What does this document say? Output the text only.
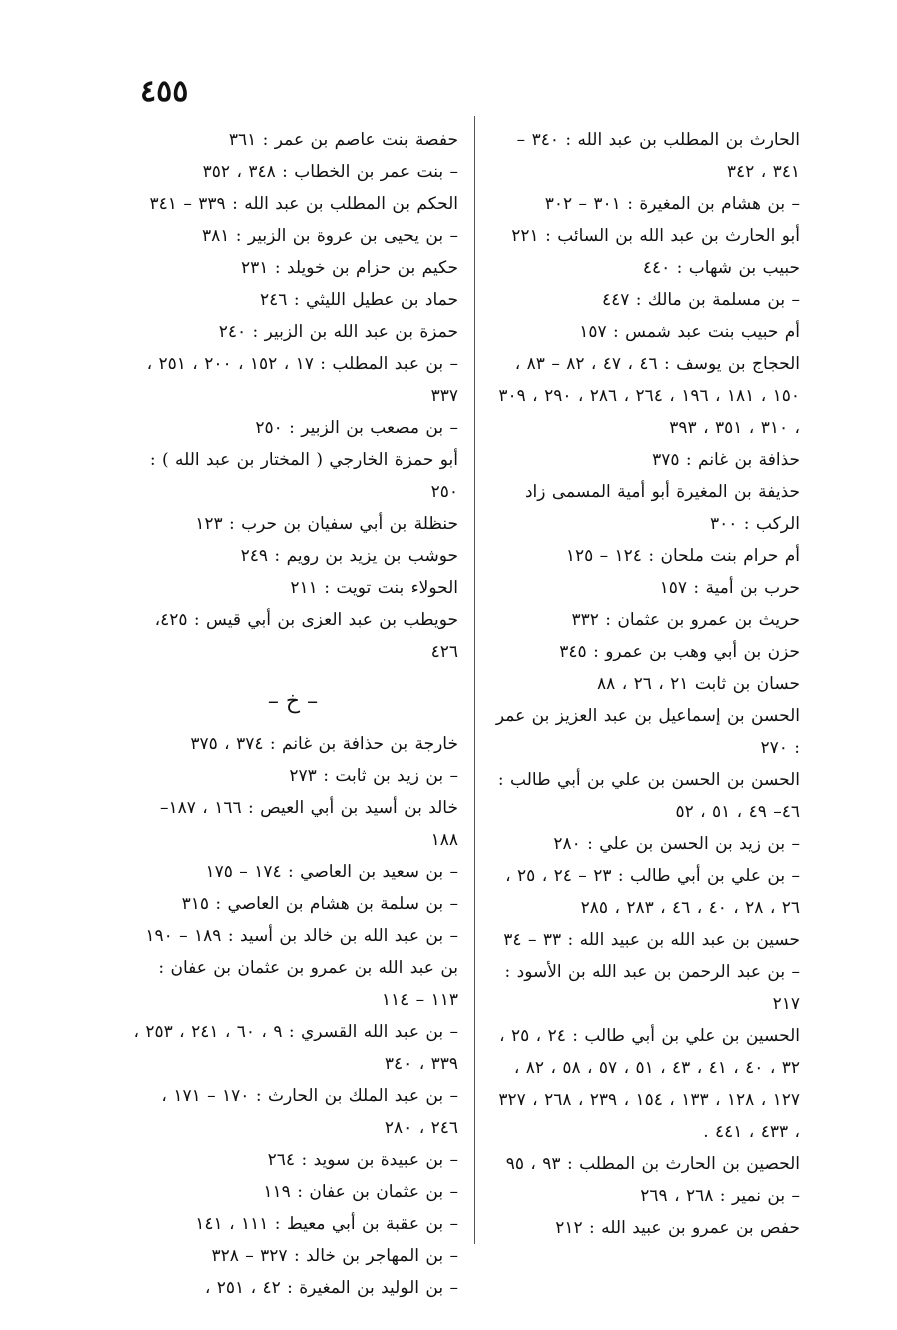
٤٥٥
الحارث بن المطلب بن عبد الله : ٣٤٠ – ٣٤١ ، ٣٤٢
– بن هشام بن المغيرة : ٣٠١ – ٣٠٢
أبو الحارث بن عبد الله بن السائب : ٢٢١
حبيب بن شهاب : ٤٤٠
– بن مسلمة بن مالك : ٤٤٧
أم حبيب بنت عبد شمس : ١٥٧
الحجاج بن يوسف : ٤٦ ، ٤٧ ، ٨٢ – ٨٣ ، ١٥٠ ، ١٨١ ، ١٩٦ ، ٢٦٤ ، ٢٨٦ ، ٢٩٠ ، ٣٠٩ ، ٣١٠ ، ٣٥١ ، ٣٩٣
حذافة بن غانم : ٣٧٥
حذيفة بن المغيرة أبو أمية المسمى زاد الركب : ٣٠٠
أم حرام بنت ملحان : ١٢٤ – ١٢٥
حرب بن أمية : ١٥٧
حريث بن عمرو بن عثمان : ٣٣٢
حزن بن أبي وهب بن عمرو : ٣٤٥
حسان بن ثابت ٢١ ، ٢٦ ، ٨٨
الحسن بن إسماعيل بن عبد العزيز بن عمر : ٢٧٠
الحسن بن الحسن بن علي بن أبي طالب : ٤٦– ٤٩ ، ٥١ ، ٥٢
– بن زيد بن الحسن بن علي : ٢٨٠
– بن علي بن أبي طالب : ٢٣ – ٢٤ ، ٢٥ ، ٢٦ ، ٢٨ ، ٤٠ ، ٤٦ ، ٢٨٣ ، ٢٨٥
حسين بن عبد الله بن عبيد الله : ٣٣ – ٣٤
– بن عبد الرحمن بن عبد الله بن الأسود : ٢١٧
الحسين بن علي بن أبي طالب : ٢٤ ، ٢٥ ، ٣٢ ، ٤٠ ، ٤١ ، ٤٣ ، ٥١ ، ٥٧ ، ٥٨ ، ٨٢ ، ١٢٧ ، ١٢٨ ، ١٣٣ ، ١٥٤ ، ٢٣٩ ، ٢٦٨ ، ٣٢٧ ، ٤٣٣ ، ٤٤١ .
الحصين بن الحارث بن المطلب : ٩٣ ، ٩٥
– بن نمير : ٢٦٨ ، ٢٦٩
حفص بن عمرو بن عبيد الله : ٢١٢
حفصة بنت عاصم بن عمر : ٣٦١
– بنت عمر بن الخطاب : ٣٤٨ ، ٣٥٢
الحكم بن المطلب بن عبد الله : ٣٣٩ – ٣٤١
– بن يحيى بن عروة بن الزبير : ٣٨١
حكيم بن حزام بن خويلد : ٢٣١
حماد بن عطيل الليثي : ٢٤٦
حمزة بن عبد الله بن الزبير : ٢٤٠
– بن عبد المطلب : ١٧ ، ١٥٢ ، ٢٠٠ ، ٢٥١ ، ٣٣٧
– بن مصعب بن الزبير : ٢٥٠
أبو حمزة الخارجي ( المختار بن عبد الله ) : ٢٥٠
حنظلة بن أبي سفيان بن حرب : ١٢٣
حوشب بن يزيد بن رويم : ٢٤٩
الحولاء بنت تويت : ٢١١
حويطب بن عبد العزى بن أبي قيس : ٤٢٥، ٤٢٦
– خ –
خارجة بن حذافة بن غانم : ٣٧٤ ، ٣٧٥
– بن زيد بن ثابت : ٢٧٣
خالد بن أسيد بن أبي العيص : ١٦٦ ، ١٨٧– ١٨٨
– بن سعيد بن العاصي : ١٧٤ – ١٧٥
– بن سلمة بن هشام بن العاصي : ٣١٥
– بن عبد الله بن خالد بن أسيد : ١٨٩ – ١٩٠
بن عبد الله بن عمرو بن عثمان بن عفان : ١١٣ – ١١٤
– بن عبد الله القسري : ٩ ، ٦٠ ، ٢٤١ ، ٢٥٣ ، ٣٣٩ ، ٣٤٠
– بن عبد الملك بن الحارث : ١٧٠ – ١٧١ ، ٢٤٦ ، ٢٨٠
– بن عبيدة بن سويد : ٢٦٤
– بن عثمان بن عفان : ١١٩
– بن عقبة بن أبي معيط : ١١١ ، ١٤١
– بن المهاجر بن خالد : ٣٢٧ – ٣٢٨
– بن الوليد بن المغيرة : ٤٢ ، ٢٥١ ،
